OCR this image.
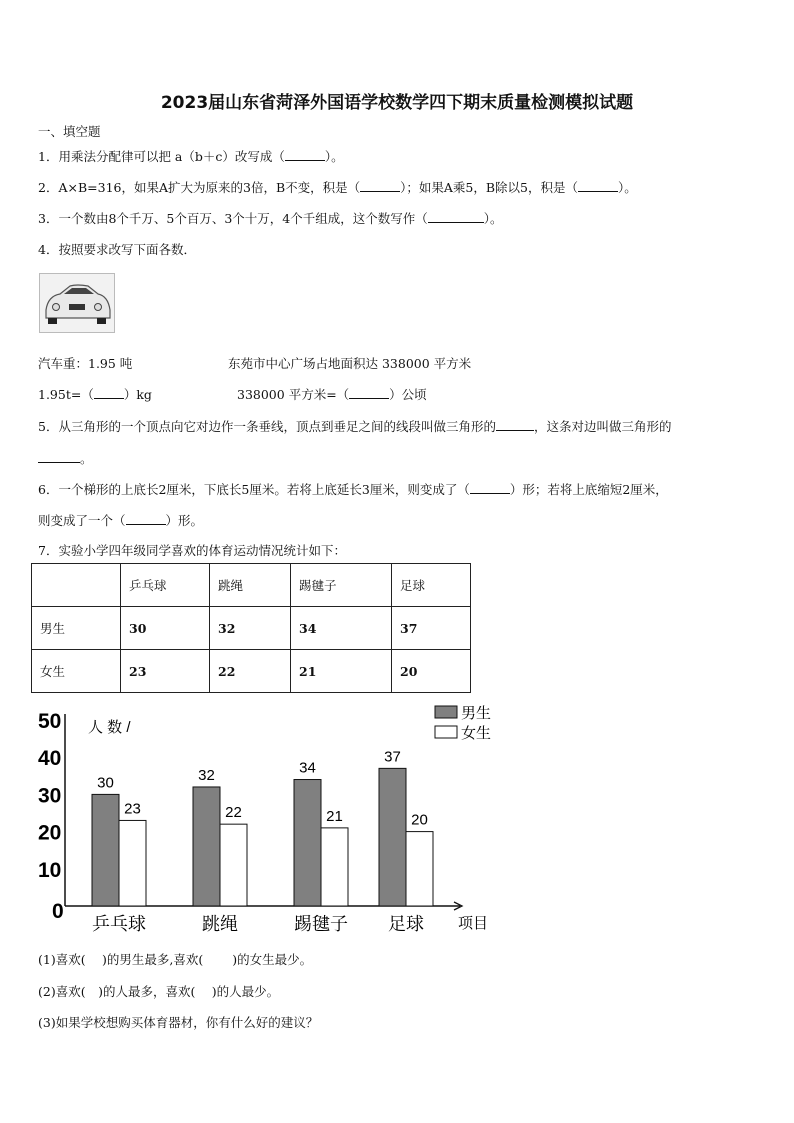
2023届山东省菏泽外国语学校数学四下期末质量检测模拟试题
一、填空题
1．用乘法分配律可以把 a（b＋c）改写成（	）。
2．A×B=316，如果A扩大为原来的3倍，B不变，积是（	）；如果A乘5，B除以5，积是（	）。
3．一个数由8个千万、5个百万、3个十万，4个千组成，这个数写作（	）。
4．按照要求改写下面各数．
汽车重：1.95 吨	东苑市中心广场占地面积达 338000 平方米
1.95t=（ ）kg	338000 平方米=（	）公顷
5．从三角形的一个顶点向它对边作一条垂线，顶点到垂足之间的线段叫做三角形的	，这条对边叫做三角形的
。
6．一个梯形的上底长2厘米，下底长5厘米。若将上底延长3厘米，则变成了（	）形；若将上底缩短2厘米，
则变成了一个（	）形。
7．实验小学四年级同学喜欢的体育运动情况统计如下：
	乒乓球	跳绳	踢毽子	足球
男生	30	32	34	37
女生	23	22	21	20
0
10
20
30
40
50 人 数 /
项目
30
23
乒乓球
32
22
跳绳
34
21
踢毽子
37
20
足球
男生
女生
(1)喜欢(　 )的男生最多,喜欢(　　 )的女生最少。
(2)喜欢(　)的人最多，喜欢(　 )的人最少。
(3)如果学校想购买体育器材，你有什么好的建议？
